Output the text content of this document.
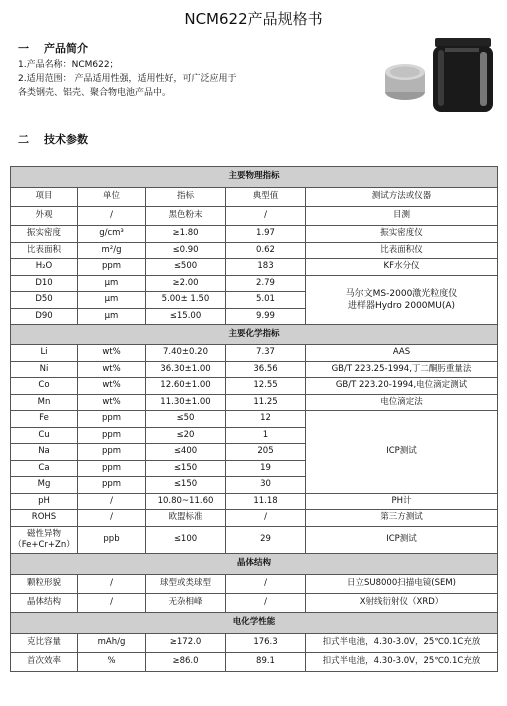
NCM622产品规格书
一 产品简介
1.产品名称：NCM622；
2.适用范围： 产品适用性强，适用性好，可广泛应用于
各类钢壳、铝壳、聚合物电池产品中。
二 技术参数
主要物理指标				
项目	单位	指标	典型值	测试方法或仪器
外观	/	黑色粉末	/	目测
振实密度	g/cm³	≥1.80	1.97	振实密度仪
比表面积	m²/g	≤0.90	0.62	比表面积仪
H₂O	ppm	≤500	183	KF水分仪
D10	μm	≥2.00	2.79	马尔文MS-2000激光粒度仪
进样器Hydro 2000MU(A)
D50	μm	5.00± 1.50	5.01	
D90	μm	≤15.00	9.99	
主要化学指标				
Li	wt%	7.40±0.20	7.37	AAS
Ni	wt%	36.30±1.00	36.56	GB/T 223.25-1994,丁二酮肟重量法
Co	wt%	12.60±1.00	12.55	GB/T 223.20-1994,电位滴定测试
Mn	wt%	11.30±1.00	11.25	电位滴定法
Fe	ppm	≤50	12	ICP测试
Cu	ppm	≤20	1	
Na	ppm	≤400	205	
Ca	ppm	≤150	19	
Mg	ppm	≤150	30	
pH	/	10.80~11.60	11.18	PH计
ROHS	/	欧盟标准	/	第三方测试
磁性异物
（Fe+Cr+Zn）	ppb	≤100	29	ICP测试
晶体结构				
颗粒形貌	/	球型或类球型	/	日立SU8000扫描电镜(SEM)
晶体结构	/	无杂相峰	/	X射线衍射仪（XRD）
电化学性能				
克比容量	mAh/g	≥172.0	176.3	扣式半电池，4.30-3.0V，25℃0.1C充放
首次效率	%	≥86.0	89.1	扣式半电池，4.30-3.0V，25℃0.1C充放
